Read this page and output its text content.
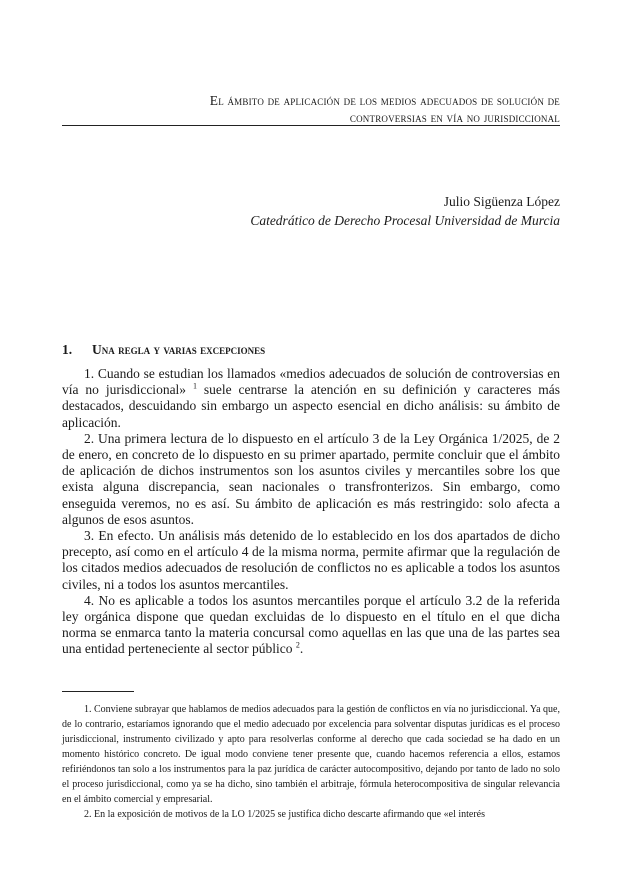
El ámbito de aplicación de los medios adecuados de solución de
controversias en vía no jurisdiccional
Julio Sigüenza López
Catedrático de Derecho Procesal Universidad de Murcia
1. Una regla y varias excepciones

1. Cuando se estudian los llamados «medios adecuados de solución de controversias en vía no jurisdiccional» $^1$ suele centrarse la atención en su definición y caracteres más destacados, descuidando sin embargo un aspecto esencial en dicho análisis: su ámbito de aplicación.

2. Una primera lectura de lo dispuesto en el artículo 3 de la Ley Orgánica 1/2025, de 2 de enero, en concreto de lo dispuesto en su primer apartado, permite concluir que el ámbito de aplicación de dichos instrumentos son los asuntos civiles y mercantiles sobre los que exista alguna discrepancia, sean nacionales o transfronterizos. Sin embargo, como enseguida veremos, no es así. Su ámbito de aplicación es más restringido: solo afecta a algunos de esos asuntos.

3. En efecto. Un análisis más detenido de lo establecido en los dos apartados de dicho precepto, así como en el artículo 4 de la misma norma, permite afirmar que la regulación de los citados medios adecuados de resolución de conflictos no es aplicable a todos los asuntos civiles, ni a todos los asuntos mercantiles.

4. No es aplicable a todos los asuntos mercantiles porque el artículo 3.2 de la referida ley orgánica dispone que quedan excluidas de lo dispuesto en el título en el que dicha norma se enmarca tanto la materia concursal como aquellas en las que una de las partes sea una entidad perteneciente al sector público $^2$.

1. Conviene subrayar que hablamos de medios adecuados para la gestión de conflictos en vía no jurisdiccional. Ya que, de lo contrario, estaríamos ignorando que el medio adecuado por excelencia para solventar disputas jurídicas es el proceso jurisdiccional, instrumento civilizado y apto para resolverlas conforme al derecho que cada sociedad se ha dado en un momento histórico concreto. De igual modo conviene tener presente que, cuando hacemos referencia a ellos, estamos refiriéndonos tan solo a los instrumentos para la paz jurídica de carácter autocompositivo, dejando por tanto de lado no solo el proceso jurisdiccional, como ya se ha dicho, sino también el arbitraje, fórmula heterocompositiva de singular relevancia en el ámbito comercial y empresarial.

2. En la exposición de motivos de la LO 1/2025 se justifica dicho descarte afirmando que «el interés
